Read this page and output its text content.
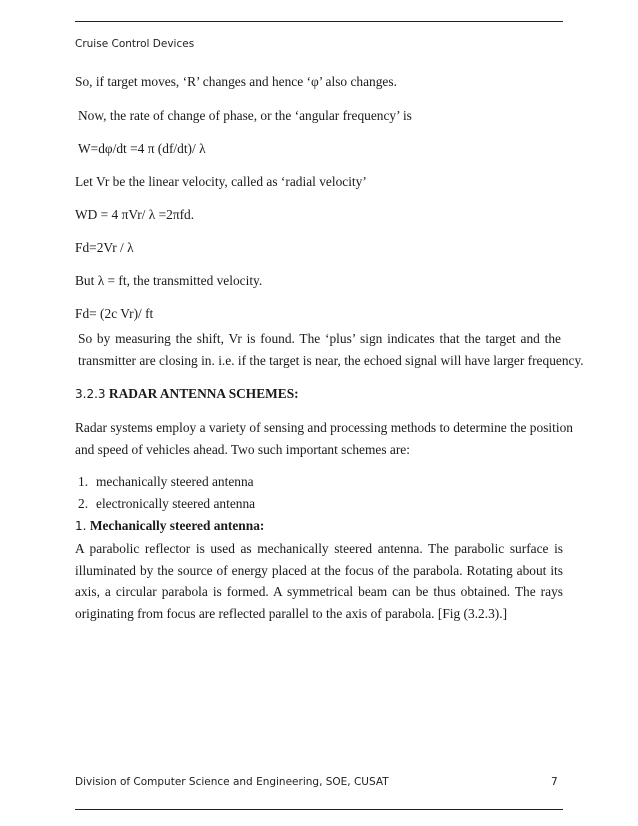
Cruise Control Devices
So, if target moves, ‘R’ changes and hence ‘φ’ also changes.
Now, the rate of change of phase, or the ‘angular frequency’ is
W=dφ/dt =4 π (df/dt)/ λ
Let Vr be the linear velocity, called as ‘radial velocity’
WD = 4 πVr/ λ =2πfd.
Fd=2Vr / λ
But λ = ft, the transmitted velocity.
Fd= (2c Vr)/ ft
So by measuring the shift, Vr is found. The ‘plus’ sign indicates that the target and the
transmitter are closing in. i.e. if the target is near, the echoed signal will have larger frequency.
3.2.3 RADAR ANTENNA SCHEMES:
Radar systems employ a variety of sensing and processing methods to determine the position
and speed of vehicles ahead. Two such important schemes are:
1. mechanically steered antenna
2. electronically steered antenna
1. Mechanically steered antenna:
A parabolic reflector is used as mechanically steered antenna. The parabolic surface is
illuminated by the source of energy placed at the focus of the parabola. Rotating about its
axis, a circular parabola is formed. A symmetrical beam can be thus obtained. The rays
originating from focus are reflected parallel to the axis of parabola. [Fig (3.2.3).]
Division of Computer Science and Engineering, SOE, CUSAT	7
